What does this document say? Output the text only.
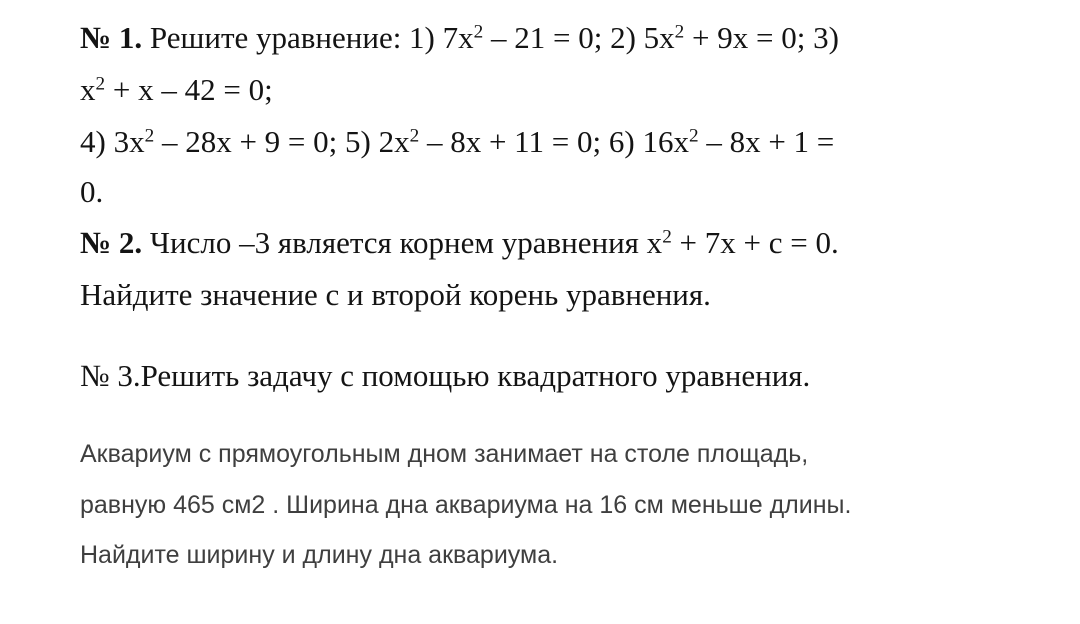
№ 1. Решите уравнение: 1) $7x^2 - 21 = 0$; 2) $5x^2 + 9x = 0$; 3)
$x^2 + x - 42 = 0$;
4) $3x^2 - 28x + 9 = 0$; 5) $2x^2 - 8x + 11 = 0$; 6) $16x^2 - 8x + 1$ =
0.
№ 2. Число –3 является корнем уравнения $x^2 + 7x + c = 0$.
Найдите значение с и второй корень уравнения.
№ 3.Решить задачу с помощью квадратного уравнения.
Аквариум с прямоугольным дном занимает на столе площадь,
равную 465 см2 . Ширина дна аквариума на 16 см меньше длины.
Найдите ширину и длину дна аквариума.
